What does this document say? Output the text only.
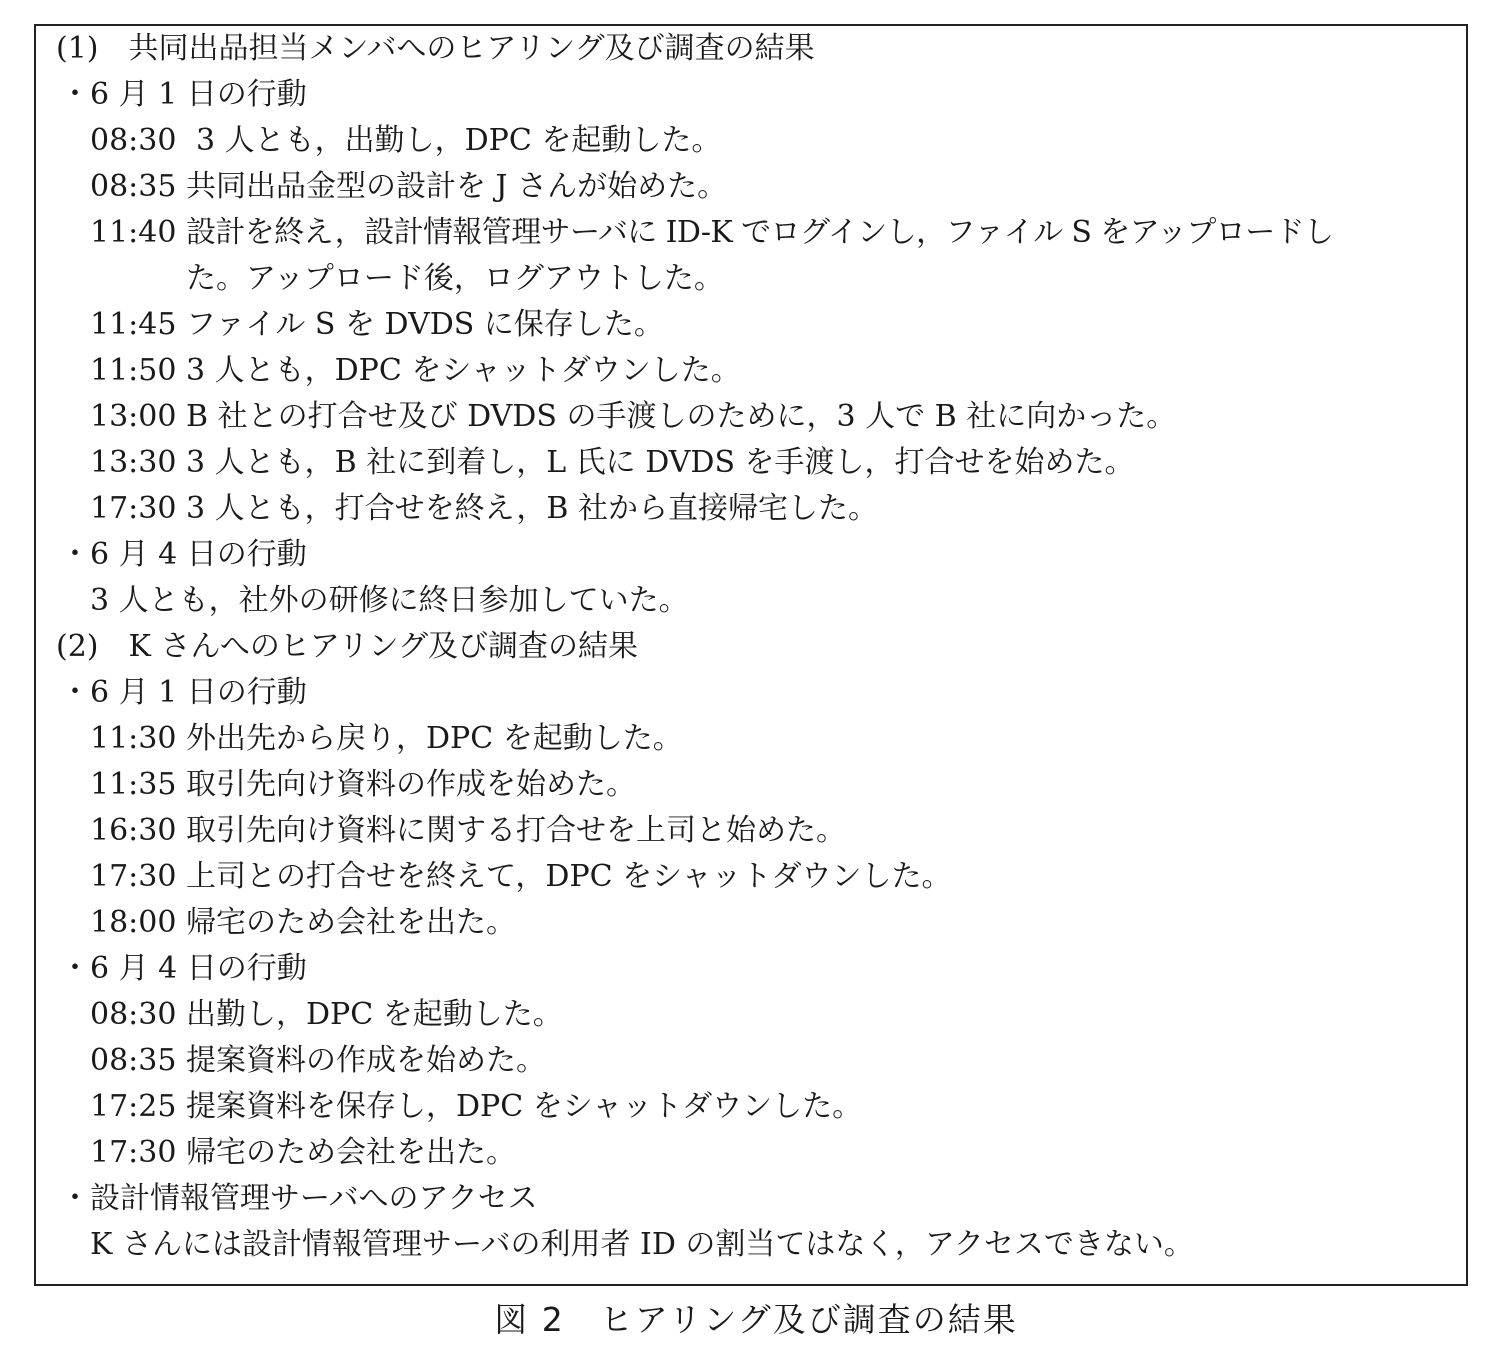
(1)　共同出品担当メンバへのヒアリング及び調査の結果
・6 月 1 日の行動
08:30 3 人とも，出勤し，DPC を起動した。
08:35 共同出品金型の設計を J さんが始めた。
11:40 設計を終え，設計情報管理サーバに ID-K でログインし，ファイル S をアップロードし
た。アップロード後，ログアウトした。
11:45 ファイル S を DVDS に保存した。
11:50 3 人とも，DPC をシャットダウンした。
13:00 B 社との打合せ及び DVDS の手渡しのために，3 人で B 社に向かった。
13:30 3 人とも，B 社に到着し，L 氏に DVDS を手渡し，打合せを始めた。
17:30 3 人とも，打合せを終え，B 社から直接帰宅した。
・6 月 4 日の行動
3 人とも，社外の研修に終日参加していた。
(2)　K さんへのヒアリング及び調査の結果
・6 月 1 日の行動
11:30 外出先から戻り，DPC を起動した。
11:35 取引先向け資料の作成を始めた。
16:30 取引先向け資料に関する打合せを上司と始めた。
17:30 上司との打合せを終えて，DPC をシャットダウンした。
18:00 帰宅のため会社を出た。
・6 月 4 日の行動
08:30 出勤し，DPC を起動した。
08:35 提案資料の作成を始めた。
17:25 提案資料を保存し，DPC をシャットダウンした。
17:30 帰宅のため会社を出た。
・設計情報管理サーバへのアクセス
K さんには設計情報管理サーバの利用者 ID の割当てはなく，アクセスできない。
図 2　ヒアリング及び調査の結果
